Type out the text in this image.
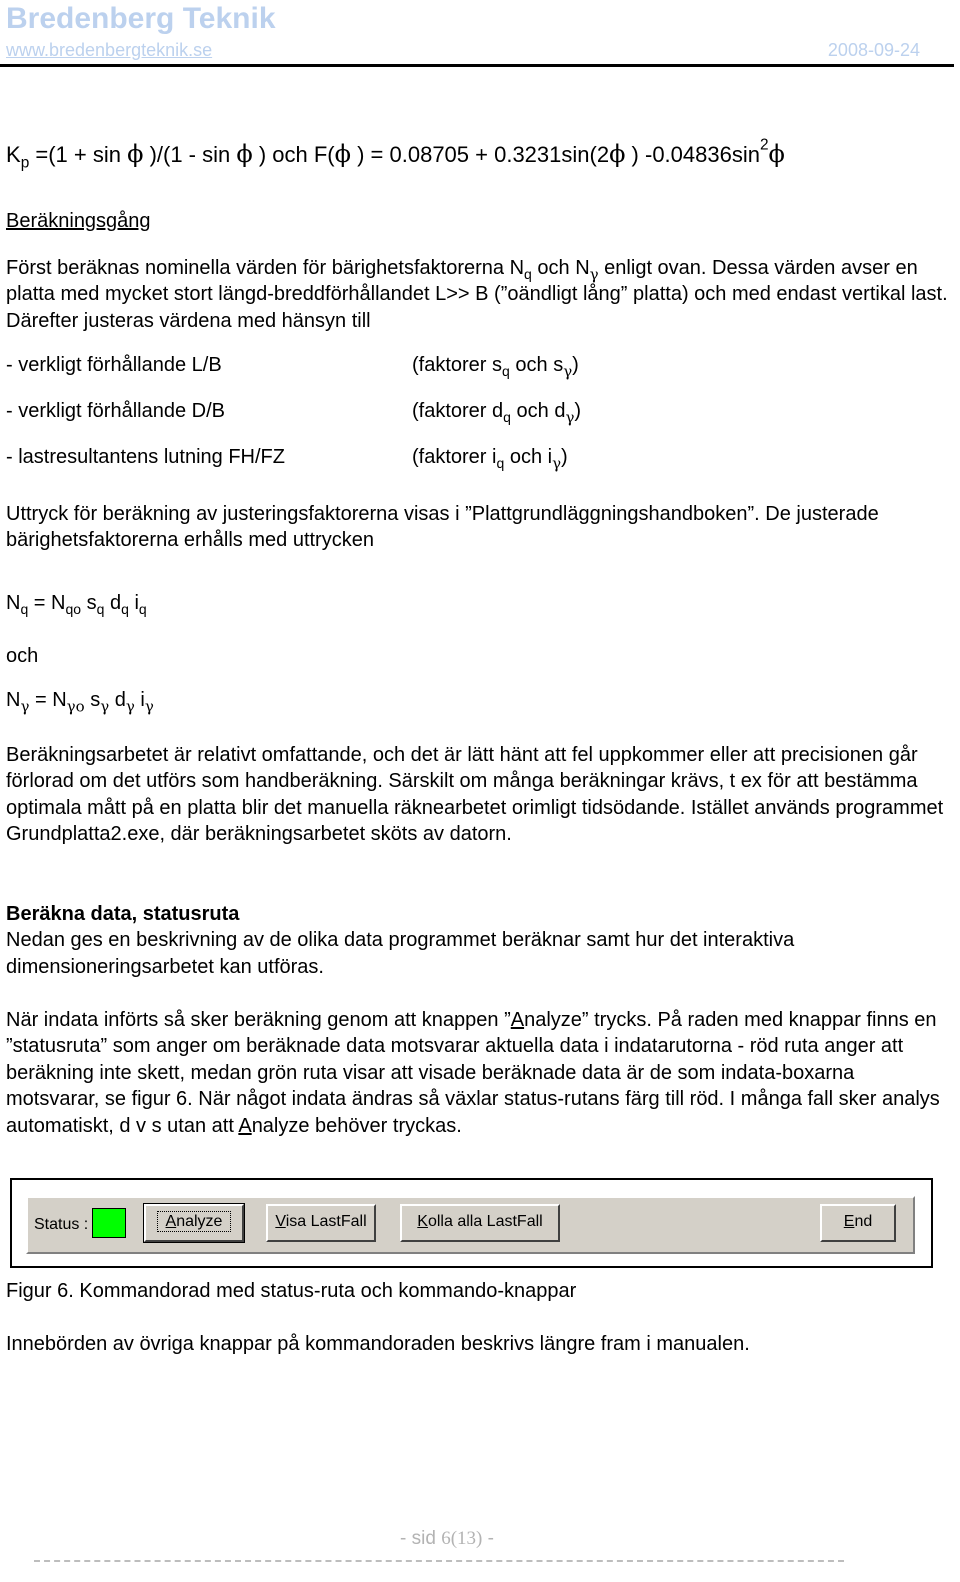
Bredenberg Teknik
www.bredenbergteknik.se	2008-09-24
$K_p =(1 + \sin \phi$ )/(1 - sin ϕ ) och F(ϕ ) = 0.08705 + 0.3231sin(2ϕ ) $-0.04836\sin^2\phi$
Beräkningsgång

Först beräknas nominella värden för bärighetsfaktorerna $N_q$ och $N_\gamma$ enligt ovan. Dessa värden avser en platta med mycket stort längd-breddförhållandet L>> B (”oändligt lång” platta) och med endast vertikal last. Därefter justeras värdena med hänsyn till

- verkligt förhållande L/B	(faktorer $s_q$ och $s_\gamma$)
- verkligt förhållande D/B	(faktorer $d_q$ och $d_\gamma$)
- lastresultantens lutning FH/FZ	(faktorer $i_q$ och $i_\gamma$)

Uttryck för beräkning av justeringsfaktorerna visas i ”Plattgrundläggningshandboken”. De justerade bärighetsfaktorerna erhålls med uttrycken

$N_q = N_{qo}$ $s_q$ $d_q$ $i_q$
och
$N_\gamma = N_{\gamma o}$ $s_\gamma$ $d_\gamma$ $i_\gamma$

Beräkningsarbetet är relativt omfattande, och det är lätt hänt att fel uppkommer eller att precisionen går förlorad om det utförs som handberäkning. Särskilt om många beräkningar krävs, t ex för att bestämma optimala mått på en platta blir det manuella räknearbetet orimligt tidsödande. Istället används programmet Grundplatta2.exe, där beräkningsarbetet sköts av datorn.

Beräkna data, statusruta

Nedan ges en beskrivning av de olika data programmet beräknar samt hur det interaktiva dimensioneringsarbetet kan utföras.

När indata införts så sker beräkning genom att knappen ”Analyze” trycks. På raden med knappar finns en ”statusruta” som anger om beräknade data motsvarar aktuella data i indatarutorna - röd ruta anger att beräkning inte skett, medan grön ruta visar att visade beräknade data är de som indata-boxarna motsvarar, se figur 6. När något indata ändras så växlar status-rutans färg till röd. I många fall sker analys automatiskt, d v s utan att Analyze behöver tryckas.

Status :	Analyze	Visa LastFall	Kolla alla LastFall	End
Figur 6. Kommandorad med status-ruta och kommando-knappar
Innebörden av övriga knappar på kommandoraden beskrivs längre fram i manualen.
- sid 6(13) -
